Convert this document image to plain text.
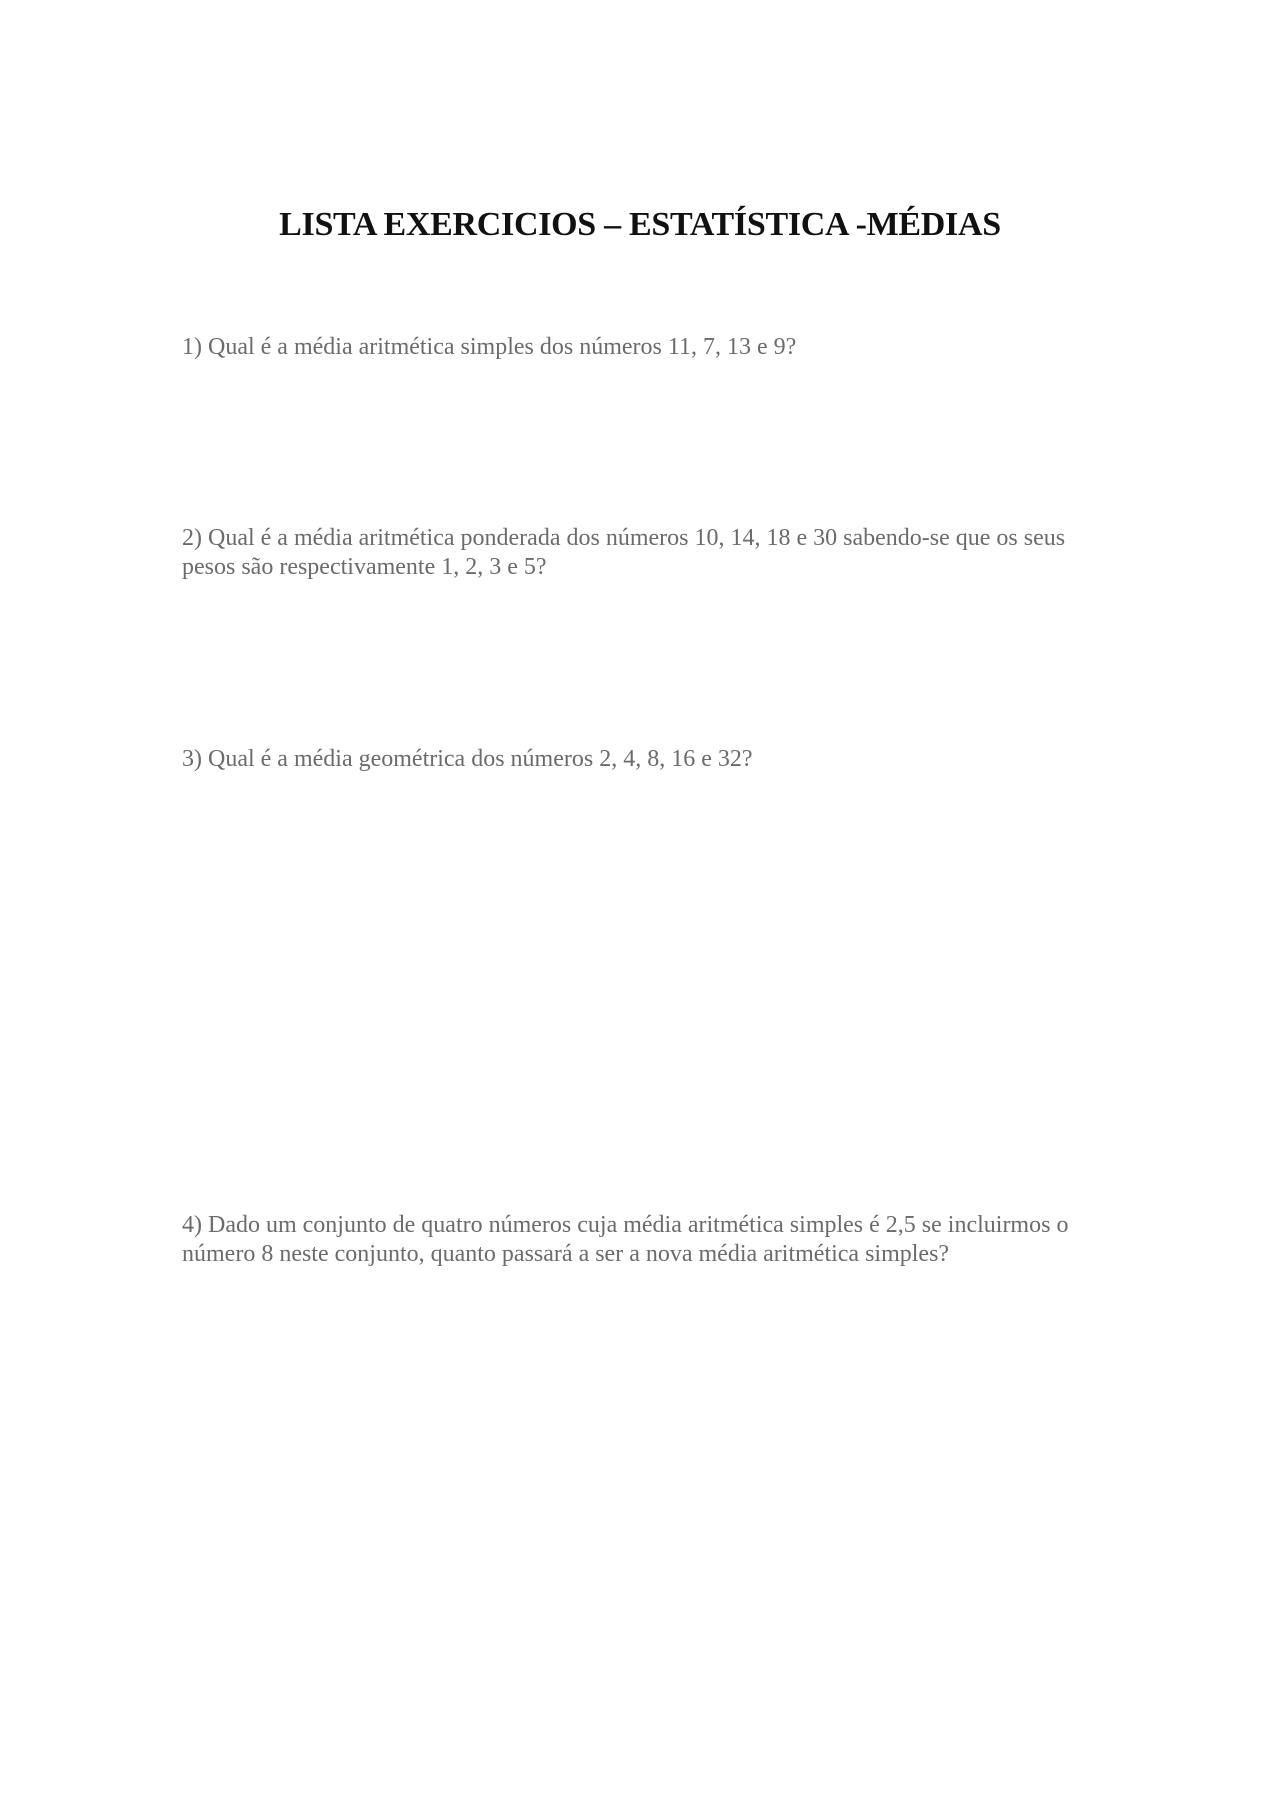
LISTA EXERCICIOS – ESTATÍSTICA -MÉDIAS

1) Qual é a média aritmética simples dos números 11, 7, 13 e 9?

2) Qual é a média aritmética ponderada dos números 10, 14, 18 e 30 sabendo-se que os seus pesos são respectivamente 1, 2, 3 e 5?

3) Qual é a média geométrica dos números 2, 4, 8, 16 e 32?

4) Dado um conjunto de quatro números cuja média aritmética simples é 2,5 se incluirmos o número 8 neste conjunto, quanto passará a ser a nova média aritmética simples?
